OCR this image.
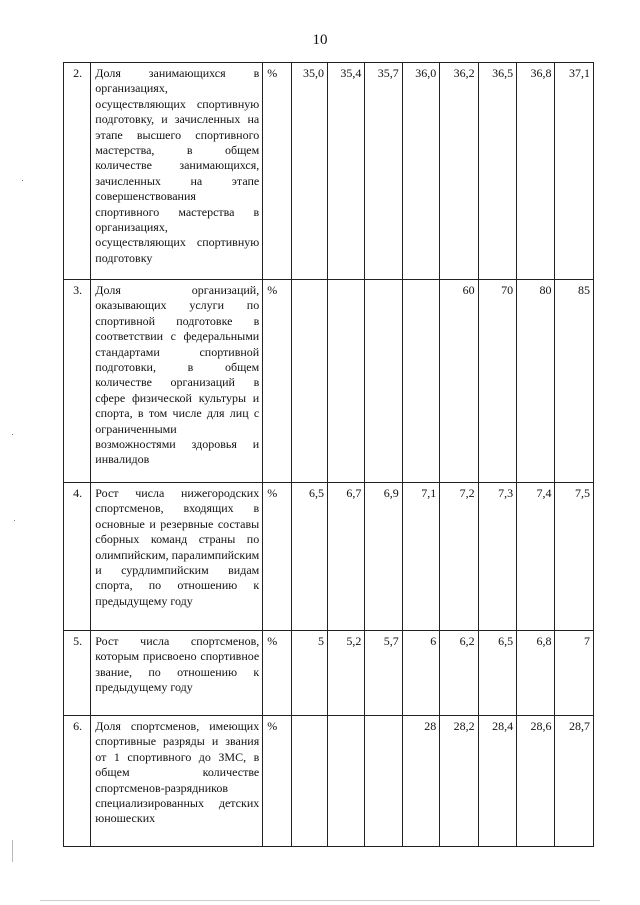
10
2.	Доля занимающихся в организациях, осуществляющих спортивную подготовку, и зачисленных на этапе высшего спортивного мастерства, в общем количестве занимающихся, зачисленных на этапе совершенствования спортивного мастерства в организациях, осуществляющих спортивную подготовку	%	35,0	35,4	35,7	36,0	36,2	36,5	36,8	37,1
3.	Доля организаций, оказывающих услуги по спортивной подготовке в соответствии с федеральными стандартами спортивной подготовки, в общем количестве организаций в сфере физической культуры и спорта, в том числе для лиц с ограниченными возможностями здоровья и инвалидов	%					60	70	80	85
4.	Рост числа нижегородских спортсменов, входящих в основные и резервные составы сборных команд страны по олимпийским, паралимпийским и сурдлимпийским видам спорта, по отношению к предыдущему году	%	6,5	6,7	6,9	7,1	7,2	7,3	7,4	7,5
5.	Рост числа спортсменов, которым присвоено спортивное звание, по отношению к предыдущему году	%	5	5,2	5,7	6	6,2	6,5	6,8	7
6.	Доля спортсменов, имеющих спортивные разряды и звания от 1 спортивного до ЗМС, в общем количестве спортсменов-разрядников специализированных детских юношеских	%				28	28,2	28,4	28,6	28,7
